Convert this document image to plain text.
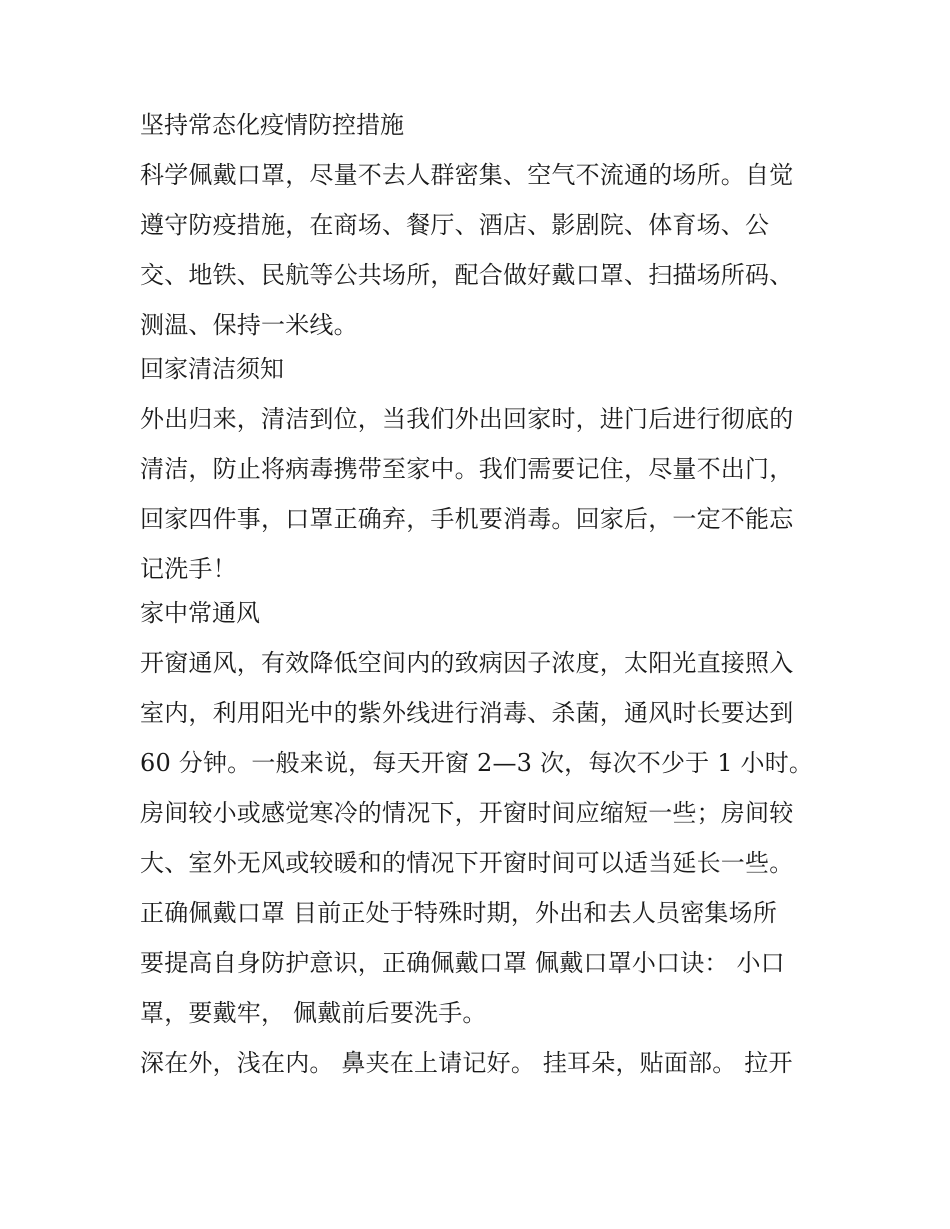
坚持常态化疫情防控措施
科学佩戴口罩，尽量不去人群密集、空气不流通的场所。自觉
遵守防疫措施，在商场、餐厅、酒店、影剧院、体育场、公
交、地铁、民航等公共场所，配合做好戴口罩、扫描场所码、
测温、保持一米线。
回家清洁须知
外出归来，清洁到位，当我们外出回家时，进门后进行彻底的
清洁，防止将病毒携带至家中。我们需要记住，尽量不出门，
回家四件事，口罩正确弃，手机要消毒。回家后，一定不能忘
记洗手！
家中常通风
开窗通风，有效降低空间内的致病因子浓度，太阳光直接照入
室内，利用阳光中的紫外线进行消毒、杀菌，通风时长要达到
60 分钟。一般来说，每天开窗 2—3 次，每次不少于 1 小时。
房间较小或感觉寒冷的情况下，开窗时间应缩短一些；房间较
大、室外无风或较暖和的情况下开窗时间可以适当延长一些。
正确佩戴口罩 目前正处于特殊时期，外出和去人员密集场所
要提高自身防护意识，正确佩戴口罩 佩戴口罩小口诀： 小口
罩，要戴牢， 佩戴前后要洗手。
深在外，浅在内。 鼻夹在上请记好。 挂耳朵，贴面部。 拉开
